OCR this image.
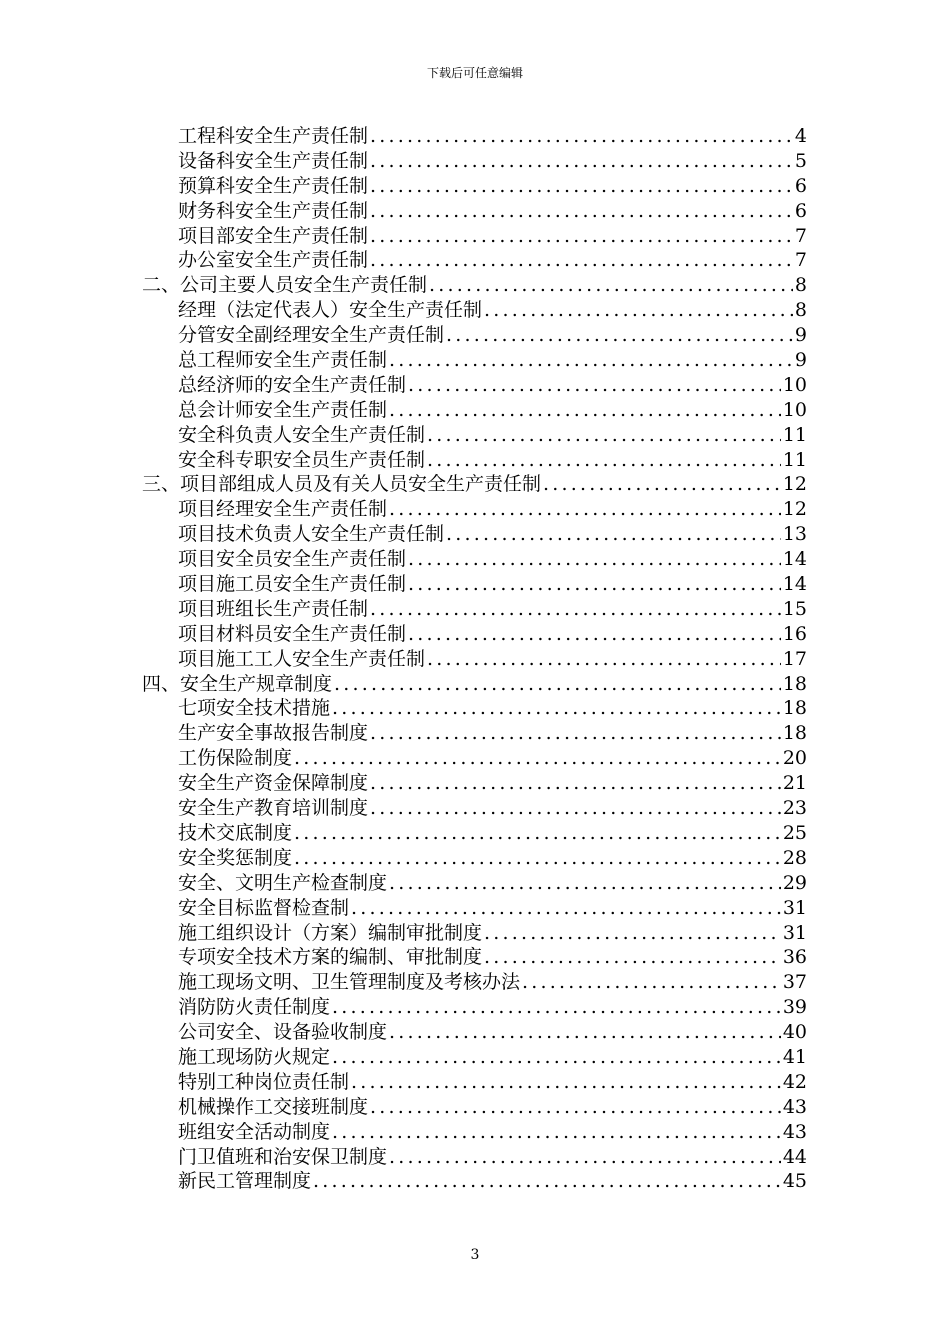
下载后可任意编辑
工程科安全生产责任制 .....	4
设备科安全生产责任制 .....	5
预算科安全生产责任制 .....	6
财务科安全生产责任制 .....	6
项目部安全生产责任制 .....	7
办公室安全生产责任制 .....	7
二、公司主要人员安全生产责任制 .....	8
经理（法定代表人）安全生产责任制 .....	8
分管安全副经理安全生产责任制 .....	9
总工程师安全生产责任制 .....	9
总经济师的安全生产责任制 .....	10
总会计师安全生产责任制 .....	10
安全科负责人安全生产责任制 .....	11
安全科专职安全员生产责任制 .....	11
三、项目部组成人员及有关人员安全生产责任制 .....	12
项目经理安全生产责任制 .....	12
项目技术负责人安全生产责任制 .....	13
项目安全员安全生产责任制 .....	14
项目施工员安全生产责任制 .....	14
项目班组长生产责任制 .....	15
项目材料员安全生产责任制 .....	16
项目施工工人安全生产责任制 .....	17
四、安全生产规章制度 .....	18
七项安全技术措施 .....	18
生产安全事故报告制度 .....	18
工伤保险制度 .....	20
安全生产资金保障制度 .....	21
安全生产教育培训制度 .....	23
技术交底制度 .....	25
安全奖惩制度 .....	28
安全、文明生产检查制度 .....	29
安全目标监督检查制 .....	31
施工组织设计（方案）编制审批制度 .....	31
专项安全技术方案的编制、审批制度 .....	36
施工现场文明、卫生管理制度及考核办法 .....	37
消防防火责任制度 .....	39
公司安全、设备验收制度 .....	40
施工现场防火规定 .....	41
特别工种岗位责任制 .....	42
机械操作工交接班制度 .....	43
班组安全活动制度 .....	43
门卫值班和治安保卫制度 .....	44
新民工管理制度 .....	45
3
